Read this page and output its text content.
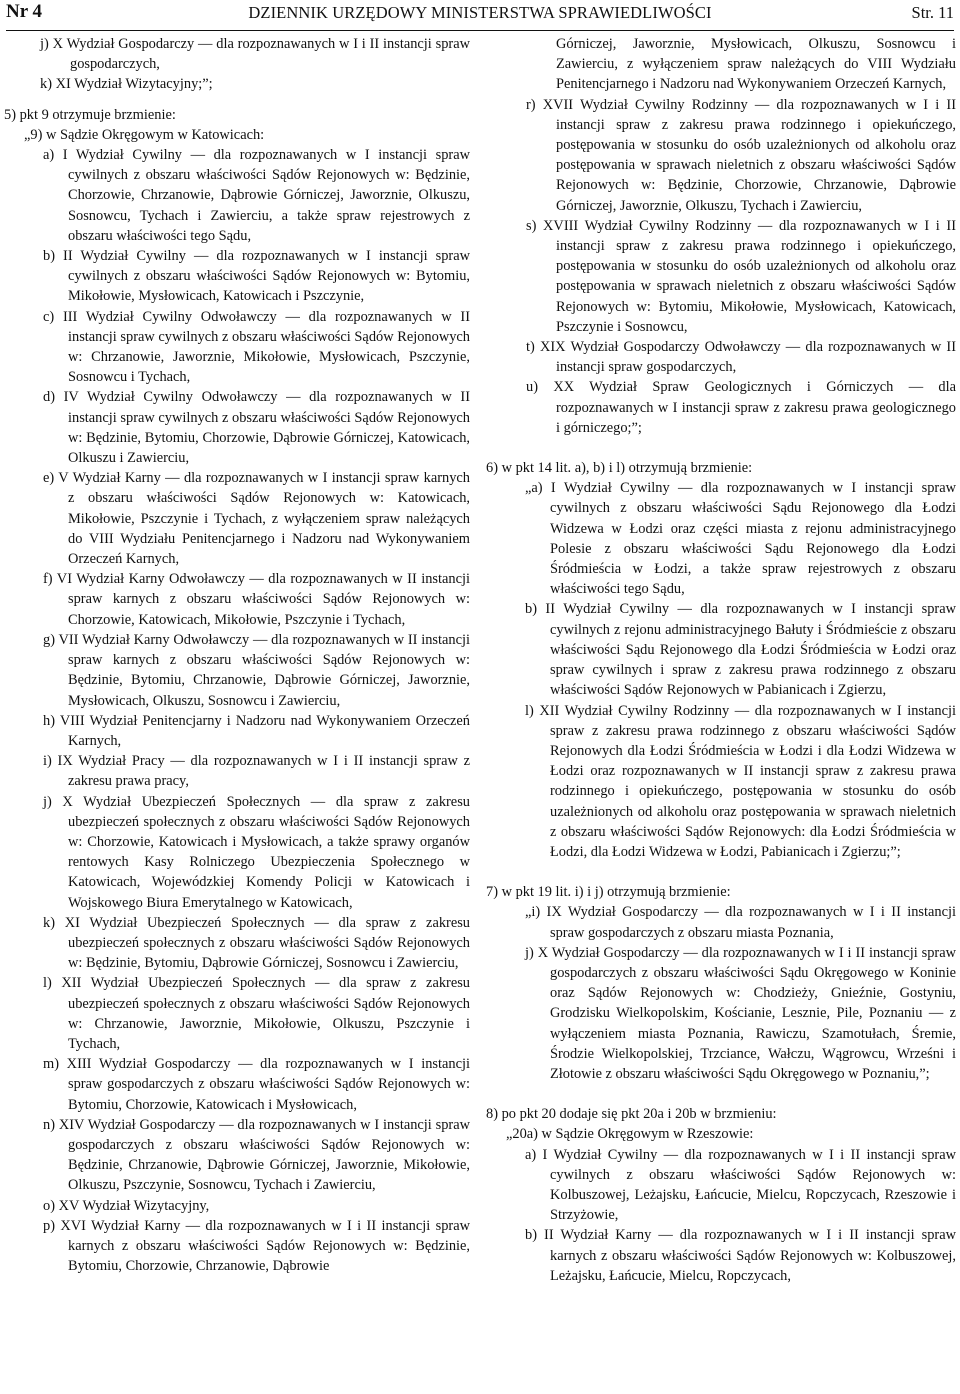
Nr 4	DZIENNIK URZĘDOWY MINISTERSTWA SPRAWIEDLIWOŚCI	Str. 11

j) X Wydział Gospodarczy — dla rozpoznawanych w I i II instancji spraw gospodarczych,

k) XI Wydział Wizytacyjny;”;

5) pkt 9 otrzymuje brzmienie:

„9) w Sądzie Okręgowym w Katowicach:

a) I Wydział Cywilny — dla rozpoznawanych w I instancji spraw cywilnych z obszaru właściwości Sądów Rejonowych w: Będzinie, Chorzowie, Chrzanowie, Dąbrowie Górniczej, Jaworznie, Olkuszu, Sosnowcu, Tychach i Zawierciu, a także spraw rejestrowych z obszaru właściwości tego Sądu,

b) II Wydział Cywilny — dla rozpoznawanych w I instancji spraw cywilnych z obszaru właściwości Sądów Rejonowych w: Bytomiu, Mikołowie, Mysłowicach, Katowicach i Pszczynie,

c) III Wydział Cywilny Odwoławczy — dla rozpoznawanych w II instancji spraw cywilnych z obszaru właściwości Sądów Rejonowych w: Chrzanowie, Jaworznie, Mikołowie, Mysłowicach, Pszczynie, Sosnowcu i Tychach,

d) IV Wydział Cywilny Odwoławczy — dla rozpoznawanych w II instancji spraw cywilnych z obszaru właściwości Sądów Rejonowych w: Będzinie, Bytomiu, Chorzowie, Dąbrowie Górniczej, Katowicach, Olkuszu i Zawierciu,

e) V Wydział Karny — dla rozpoznawanych w I instancji spraw karnych z obszaru właściwości Sądów Rejonowych w: Katowicach, Mikołowie, Pszczynie i Tychach, z wyłączeniem spraw należących do VIII Wydziału Penitencjarnego i Nadzoru nad Wykonywaniem Orzeczeń Karnych,

f) VI Wydział Karny Odwoławczy — dla rozpoznawanych w II instancji spraw karnych z obszaru właściwości Sądów Rejonowych w: Chorzowie, Katowicach, Mikołowie, Pszczynie i Tychach,

g) VII Wydział Karny Odwoławczy — dla rozpoznawanych w II instancji spraw karnych z obszaru właściwości Sądów Rejonowych w: Będzinie, Bytomiu, Chrzanowie, Dąbrowie Górniczej, Jaworznie, Mysłowicach, Olkuszu, Sosnowcu i Zawierciu,

h) VIII Wydział Penitencjarny i Nadzoru nad Wykonywaniem Orzeczeń Karnych,

i) IX Wydział Pracy — dla rozpoznawanych w I i II instancji spraw z zakresu prawa pracy,

j) X Wydział Ubezpieczeń Społecznych — dla spraw z zakresu ubezpieczeń społecznych z obszaru właściwości Sądów Rejonowych w: Chorzowie, Katowicach i Mysłowicach, a także sprawy organów rentowych Kasy Rolniczego Ubezpieczenia Społecznego w Katowicach, Wojewódzkiej Komendy Policji w Katowicach i Wojskowego Biura Emerytalnego w Katowicach,

k) XI Wydział Ubezpieczeń Społecznych — dla spraw z zakresu ubezpieczeń społecznych z obszaru właściwości Sądów Rejonowych w: Będzinie, Bytomiu, Dąbrowie Górniczej, Sosnowcu i Zawierciu,

l) XII Wydział Ubezpieczeń Społecznych — dla spraw z zakresu ubezpieczeń społecznych z obszaru właściwości Sądów Rejonowych w: Chrzanowie, Jaworznie, Mikołowie, Olkuszu, Pszczynie i Tychach,

m) XIII Wydział Gospodarczy — dla rozpoznawanych w I instancji spraw gospodarczych z obszaru właściwości Sądów Rejonowych w: Bytomiu, Chorzowie, Katowicach i Mysłowicach,

n) XIV Wydział Gospodarczy — dla rozpoznawanych w I instancji spraw gospodarczych z obszaru właściwości Sądów Rejonowych w: Będzinie, Chrzanowie, Dąbrowie Górniczej, Jaworznie, Mikołowie, Olkuszu, Pszczynie, Sosnowcu, Tychach i Zawierciu,

o) XV Wydział Wizytacyjny,

p) XVI Wydział Karny — dla rozpoznawanych w I i II instancji spraw karnych z obszaru właściwości Sądów Rejonowych w: Będzinie, Bytomiu, Chorzowie, Chrzanowie, Dąbrowie

Górniczej, Jaworznie, Mysłowicach, Olkuszu, Sosnowcu i Zawierciu, z wyłączeniem spraw należących do VIII Wydziału Penitencjarnego i Nadzoru nad Wykonywaniem Orzeczeń Karnych,

r) XVII Wydział Cywilny Rodzinny — dla rozpoznawanych w I i II instancji spraw z zakresu prawa rodzinnego i opiekuńczego, postępowania w stosunku do osób uzależnionych od alkoholu oraz postępowania w sprawach nieletnich z obszaru właściwości Sądów Rejonowych w: Będzinie, Chorzowie, Chrzanowie, Dąbrowie Górniczej, Jaworznie, Olkuszu, Tychach i Zawierciu,

s) XVIII Wydział Cywilny Rodzinny — dla rozpoznawanych w I i II instancji spraw z zakresu prawa rodzinnego i opiekuńczego, postępowania w stosunku do osób uzależnionych od alkoholu oraz postępowania w sprawach nieletnich z obszaru właściwości Sądów Rejonowych w: Bytomiu, Mikołowie, Mysłowicach, Katowicach, Pszczynie i Sosnowcu,

t) XIX Wydział Gospodarczy Odwoławczy — dla rozpoznawanych w II instancji spraw gospodarczych,

u) XX Wydział Spraw Geologicznych i Górniczych — dla rozpoznawanych w I instancji spraw z zakresu prawa geologicznego i górniczego;”;

6) w pkt 14 lit. a), b) i l) otrzymują brzmienie:

„a) I Wydział Cywilny — dla rozpoznawanych w I instancji spraw cywilnych z obszaru właściwości Sądu Rejonowego dla Łodzi Widzewa w Łodzi oraz części miasta z rejonu administracyjnego Polesie z obszaru właściwości Sądu Rejonowego dla Łodzi Śródmieścia w Łodzi, a także spraw rejestrowych z obszaru właściwości tego Sądu,

b) II Wydział Cywilny — dla rozpoznawanych w I instancji spraw cywilnych z rejonu administracyjnego Bałuty i Śródmieście z obszaru właściwości Sądu Rejonowego dla Łodzi Śródmieścia w Łodzi oraz spraw cywilnych i spraw z zakresu prawa rodzinnego z obszaru właściwości Sądów Rejonowych w Pabianicach i Zgierzu,

l) XII Wydział Cywilny Rodzinny — dla rozpoznawanych w I instancji spraw z zakresu prawa rodzinnego z obszaru właściwości Sądów Rejonowych dla Łodzi Śródmieścia w Łodzi i dla Łodzi Widzewa w Łodzi oraz rozpoznawanych w II instancji spraw z zakresu prawa rodzinnego i opiekuńczego, postępowania w stosunku do osób uzależnionych od alkoholu oraz postępowania w sprawach nieletnich z obszaru właściwości Sądów Rejonowych: dla Łodzi Śródmieścia w Łodzi, dla Łodzi Widzewa w Łodzi, Pabianicach i Zgierzu;”;

7) w pkt 19 lit. i) i j) otrzymują brzmienie:

„i) IX Wydział Gospodarczy — dla rozpoznawanych w I i II instancji spraw gospodarczych z obszaru miasta Poznania,

j) X Wydział Gospodarczy — dla rozpoznawanych w I i II instancji spraw gospodarczych z obszaru właściwości Sądu Okręgowego w Koninie oraz Sądów Rejonowych w: Chodzieży, Gnieźnie, Gostyniu, Grodzisku Wielkopolskim, Kościanie, Lesznie, Pile, Poznaniu — z wyłączeniem miasta Poznania, Rawiczu, Szamotułach, Śremie, Środzie Wielkopolskiej, Trzciance, Wałczu, Wągrowcu, Wrześni i Złotowie z obszaru właściwości Sądu Okręgowego w Poznaniu,”;

8) po pkt 20 dodaje się pkt 20a i 20b w brzmieniu:

„20a) w Sądzie Okręgowym w Rzeszowie:

a) I Wydział Cywilny — dla rozpoznawanych w I i II instancji spraw cywilnych z obszaru właściwości Sądów Rejonowych w: Kolbuszowej, Leżajsku, Łańcucie, Mielcu, Ropczycach, Rzeszowie i Strzyżowie,

b) II Wydział Karny — dla rozpoznawanych w I i II instancji spraw karnych z obszaru właściwości Sądów Rejonowych w: Kolbuszowej, Leżajsku, Łańcucie, Mielcu, Ropczycach,
